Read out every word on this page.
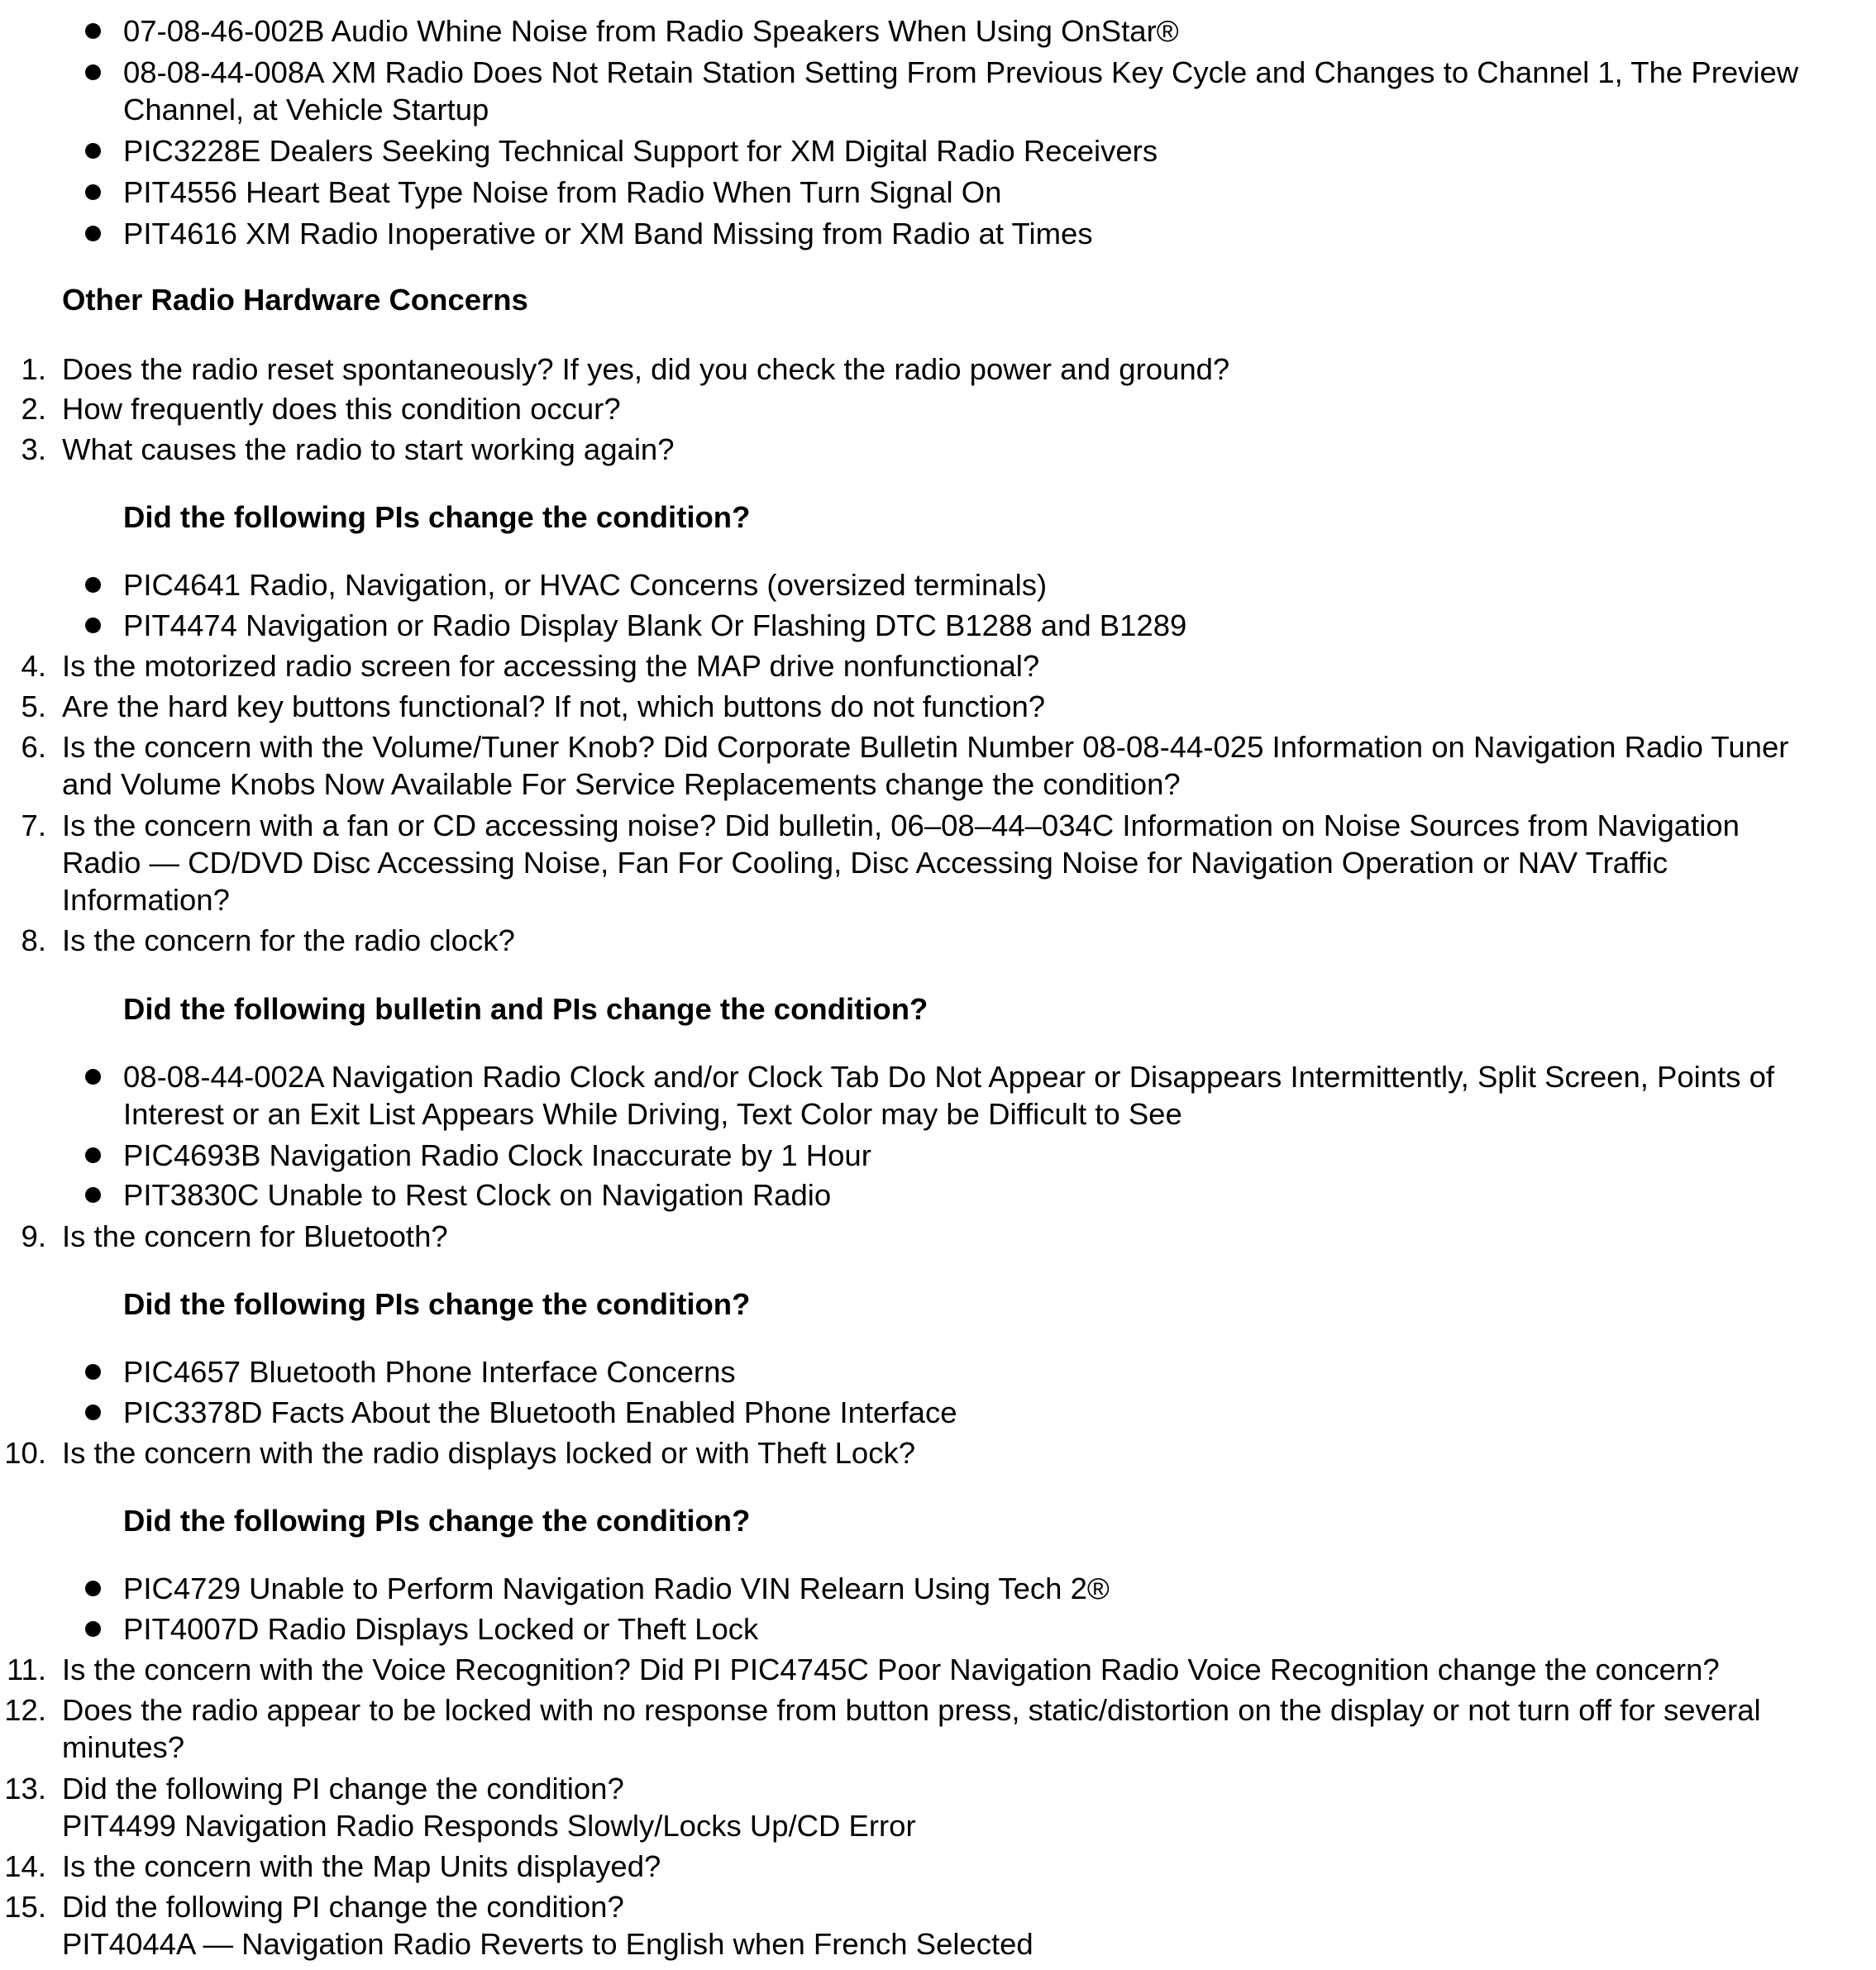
07-08-46-002B Audio Whine Noise from Radio Speakers When Using OnStar®
08-08-44-008A XM Radio Does Not Retain Station Setting From Previous Key Cycle and Changes to Channel 1, The Preview
Channel, at Vehicle Startup
PIC3228E Dealers Seeking Technical Support for XM Digital Radio Receivers
PIT4556 Heart Beat Type Noise from Radio When Turn Signal On
PIT4616 XM Radio Inoperative or XM Band Missing from Radio at Times
Other Radio Hardware Concerns
1. Does the radio reset spontaneously? If yes, did you check the radio power and ground?
2. How frequently does this condition occur?
3. What causes the radio to start working again?
Did the following PIs change the condition?
PIC4641 Radio, Navigation, or HVAC Concerns (oversized terminals)
PIT4474 Navigation or Radio Display Blank Or Flashing DTC B1288 and B1289
4. Is the motorized radio screen for accessing the MAP drive nonfunctional?
5. Are the hard key buttons functional? If not, which buttons do not function?
6. Is the concern with the Volume/Tuner Knob? Did Corporate Bulletin Number 08-08-44-025 Information on Navigation Radio Tuner
and Volume Knobs Now Available For Service Replacements change the condition?
7. Is the concern with a fan or CD accessing noise? Did bulletin, 06–08–44–034C Information on Noise Sources from Navigation
Radio — CD/DVD Disc Accessing Noise, Fan For Cooling, Disc Accessing Noise for Navigation Operation or NAV Traffic
Information?
8. Is the concern for the radio clock?
Did the following bulletin and PIs change the condition?
08-08-44-002A Navigation Radio Clock and/or Clock Tab Do Not Appear or Disappears Intermittently, Split Screen, Points of
Interest or an Exit List Appears While Driving, Text Color may be Difficult to See
PIC4693B Navigation Radio Clock Inaccurate by 1 Hour
PIT3830C Unable to Rest Clock on Navigation Radio
9. Is the concern for Bluetooth?
Did the following PIs change the condition?
PIC4657 Bluetooth Phone Interface Concerns
PIC3378D Facts About the Bluetooth Enabled Phone Interface
10. Is the concern with the radio displays locked or with Theft Lock?
Did the following PIs change the condition?
PIC4729 Unable to Perform Navigation Radio VIN Relearn Using Tech 2®
PIT4007D Radio Displays Locked or Theft Lock
11. Is the concern with the Voice Recognition? Did PI PIC4745C Poor Navigation Radio Voice Recognition change the concern?
12. Does the radio appear to be locked with no response from button press, static/distortion on the display or not turn off for several
minutes?
13. Did the following PI change the condition?
PIT4499 Navigation Radio Responds Slowly/Locks Up/CD Error
14. Is the concern with the Map Units displayed?
15. Did the following PI change the condition?
PIT4044A — Navigation Radio Reverts to English when French Selected
